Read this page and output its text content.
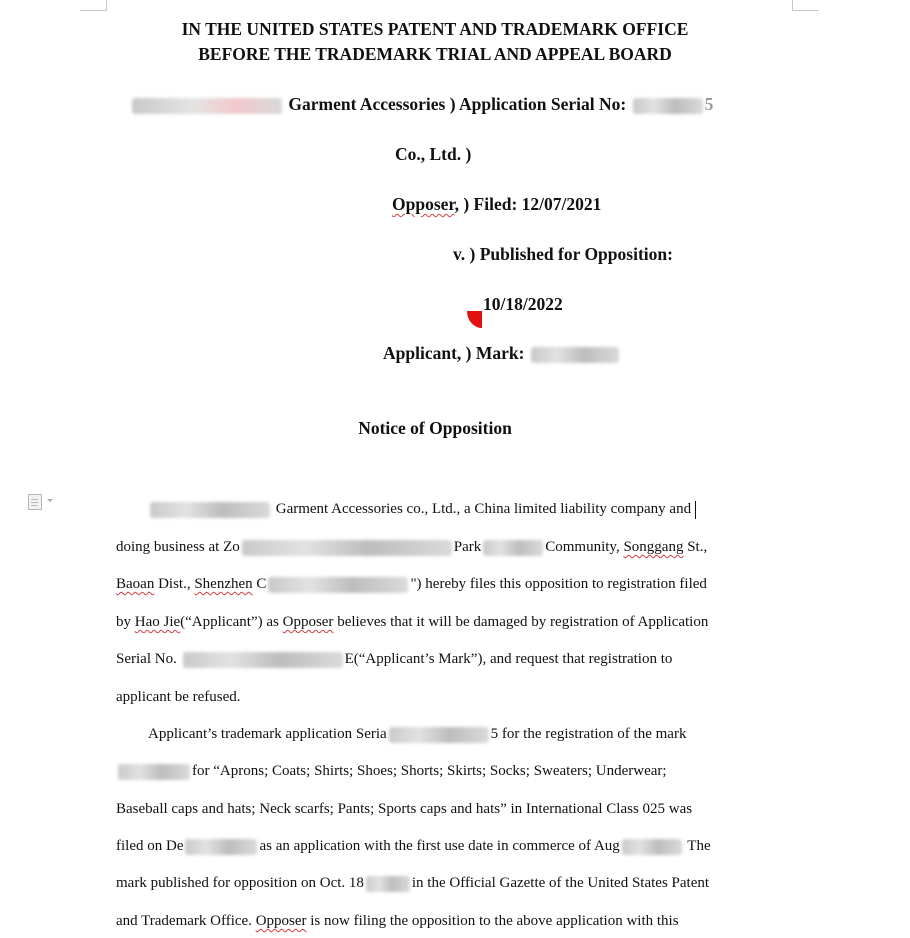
IN THE UNITED STATES PATENT AND TRADEMARK OFFICE
BEFORE THE TRADEMARK TRIAL AND APPEAL BOARD
Garment Accessories ) Application Serial No:	5
Co., Ltd. )
Opposer, ) Filed: 12/07/2021
v. ) Published for Opposition:
10/18/2022
Applicant, ) Mark:
Notice of Opposition
Garment Accessories co., Ltd., a China limited liability company and
doing business at Zo	Park	Community, Songgang St.,
Baoan Dist., Shenzhen C	") hereby files this opposition to registration filed
by Hao Jie(“Applicant”) as Opposer believes that it will be damaged by registration of Application
Serial No.	E(“Applicant’s Mark”), and request that registration to
applicant be refused.
Applicant’s trademark application Seria	5 for the registration of the mark
for “Aprons; Coats; Shirts; Shoes; Shorts; Skirts; Socks; Sweaters; Underwear;
Baseball caps and hats; Neck scarfs; Pants; Sports caps and hats” in International Class 025 was
filed on De	as an application with the first use date in commerce of Aug	The
mark published for opposition on Oct. 18	in the Official Gazette of the United States Patent
and Trademark Office. Opposer is now filing the opposition to the above application with this
